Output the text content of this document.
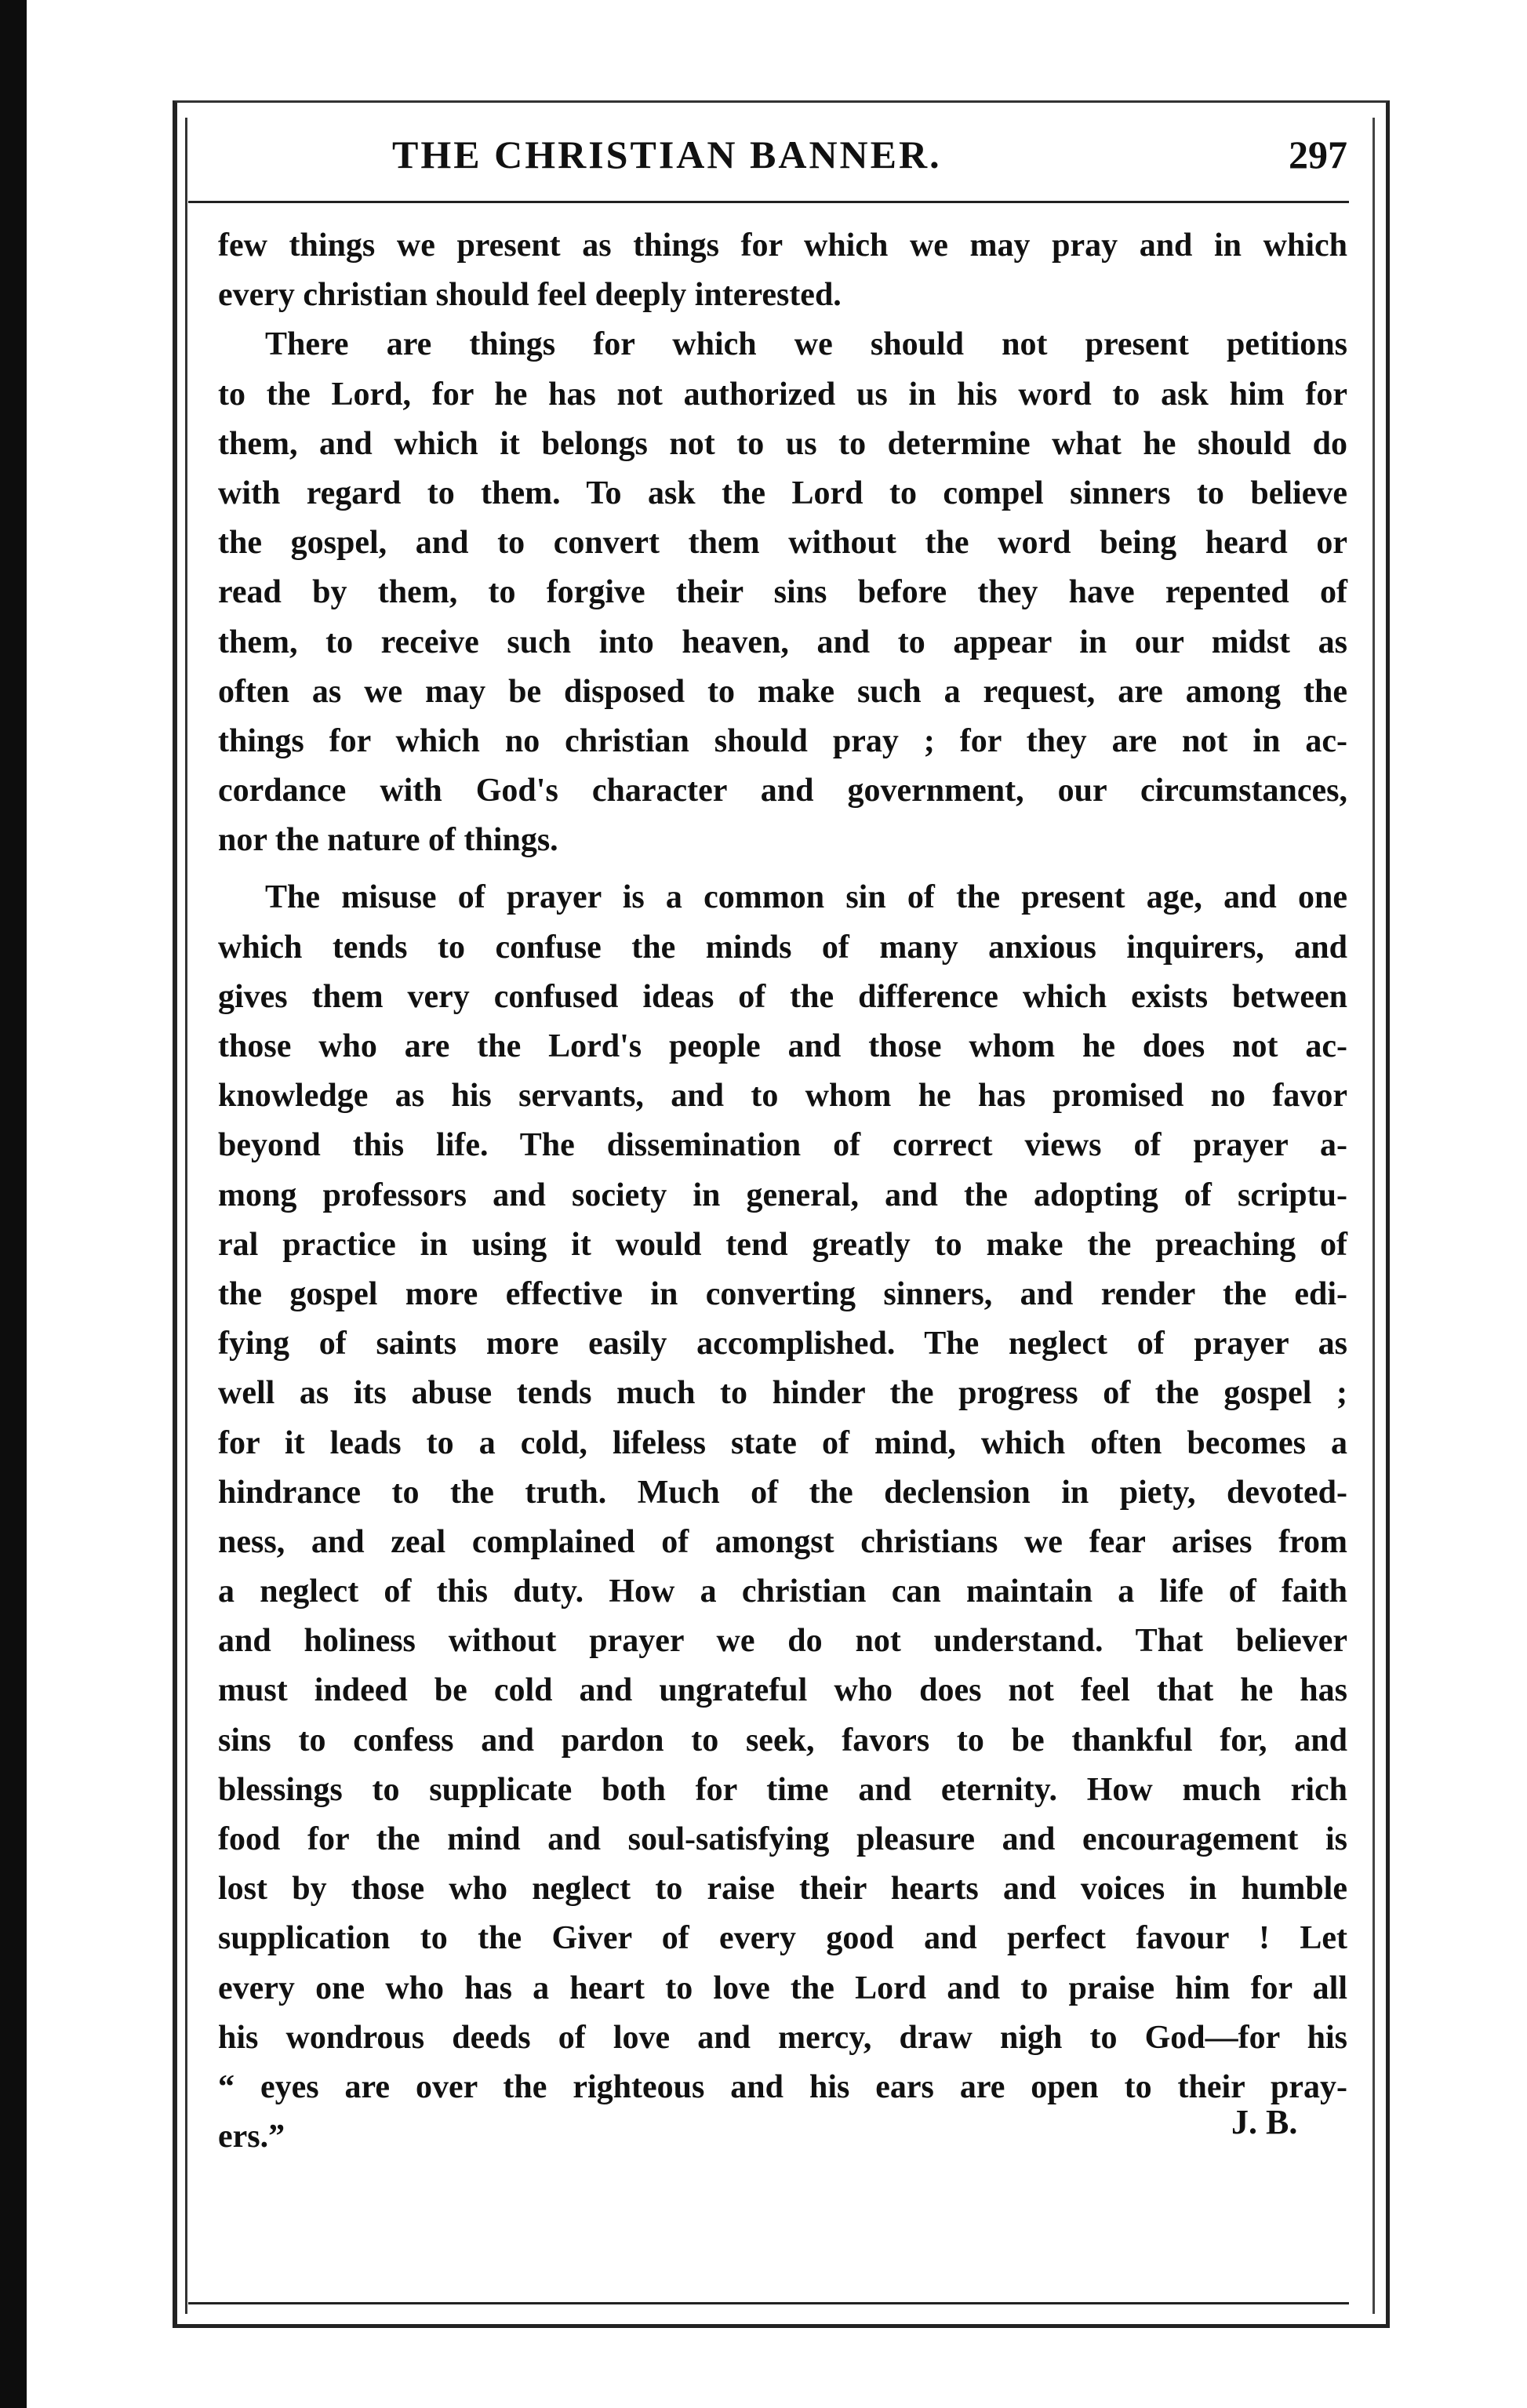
THE CHRISTIAN BANNER.	297
few things we present as things for which we may pray and in which
every christian should feel deeply interested.
There are things for which we should not present petitions
to the Lord, for he has not authorized us in his word to ask him for
them, and which it belongs not to us to determine what he should do
with regard to them. To ask the Lord to compel sinners to believe
the gospel, and to convert them without the word being heard or
read by them, to forgive their sins before they have repented of
them, to receive such into heaven, and to appear in our midst as
often as we may be disposed to make such a request, are among the
things for which no christian should pray ; for they are not in ac-
cordance with God's character and government, our circumstances,
nor the nature of things.
The misuse of prayer is a common sin of the present age, and one
which tends to confuse the minds of many anxious inquirers, and
gives them very confused ideas of the difference which exists between
those who are the Lord's people and those whom he does not ac-
knowledge as his servants, and to whom he has promised no favor
beyond this life. The dissemination of correct views of prayer a-
mong professors and society in general, and the adopting of scriptu-
ral practice in using it would tend greatly to make the preaching of
the gospel more effective in converting sinners, and render the edi-
fying of saints more easily accomplished. The neglect of prayer as
well as its abuse tends much to hinder the progress of the gospel ;
for it leads to a cold, lifeless state of mind, which often becomes a
hindrance to the truth. Much of the declension in piety, devoted-
ness, and zeal complained of amongst christians we fear arises from
a neglect of this duty. How a christian can maintain a life of faith
and holiness without prayer we do not understand. That believer
must indeed be cold and ungrateful who does not feel that he has
sins to confess and pardon to seek, favors to be thankful for, and
blessings to supplicate both for time and eternity. How much rich
food for the mind and soul-satisfying pleasure and encouragement is
lost by those who neglect to raise their hearts and voices in humble
supplication to the Giver of every good and perfect favour ! Let
every one who has a heart to love the Lord and to praise him for all
his wondrous deeds of love and mercy, draw nigh to God—for his
“ eyes are over the righteous and his ears are open to their pray-
ers.”	J. B.
